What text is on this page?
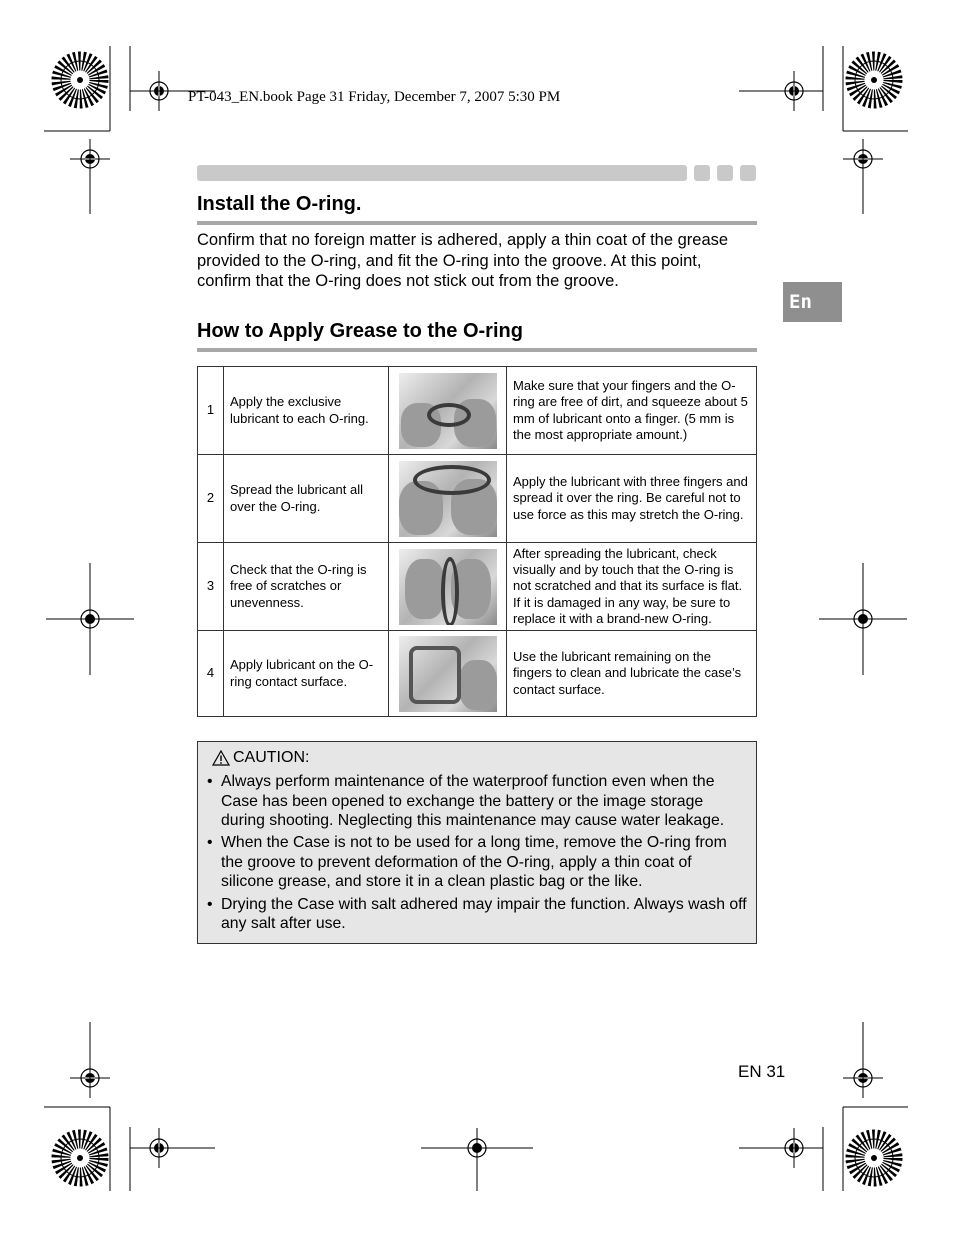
PT-043_EN.book Page 31 Friday, December 7, 2007 5:30 PM
Install the O-ring.
Confirm that no foreign matter is adhered, apply a thin coat of the grease provided to the O-ring, and fit the O-ring into the groove. At this point, confirm that the O-ring does not stick out from the groove.
En
How to Apply Grease to the O-ring
1	Apply the exclusive lubricant to each O-ring.		Make sure that your fingers and the O-ring are free of dirt, and squeeze about 5 mm of lubricant onto a finger. (5 mm is the most appropriate amount.)
2	Spread the lubricant all over the O-ring.		Apply the lubricant with three fingers and spread it over the ring. Be careful not to use force as this may stretch the O-ring.
3	Check that the O-ring is free of scratches or unevenness.		After spreading the lubricant, check visually and by touch that the O-ring is not scratched and that its surface is flat. If it is damaged in any way, be sure to replace it with a brand-new O-ring.
4	Apply lubricant on the O-ring contact surface.		Use the lubricant remaining on the fingers to clean and lubricate the case’s contact surface.
CAUTION:
• Always perform maintenance of the waterproof function even when the Case has been opened to exchange the battery or the image storage during shooting. Neglecting this maintenance may cause water leakage.
• When the Case is not to be used for a long time, remove the O-ring from the groove to prevent deformation of the O-ring, apply a thin coat of silicone grease, and store it in a clean plastic bag or the like.
• Drying the Case with salt adhered may impair the function. Always wash off any salt after use.
EN 31
